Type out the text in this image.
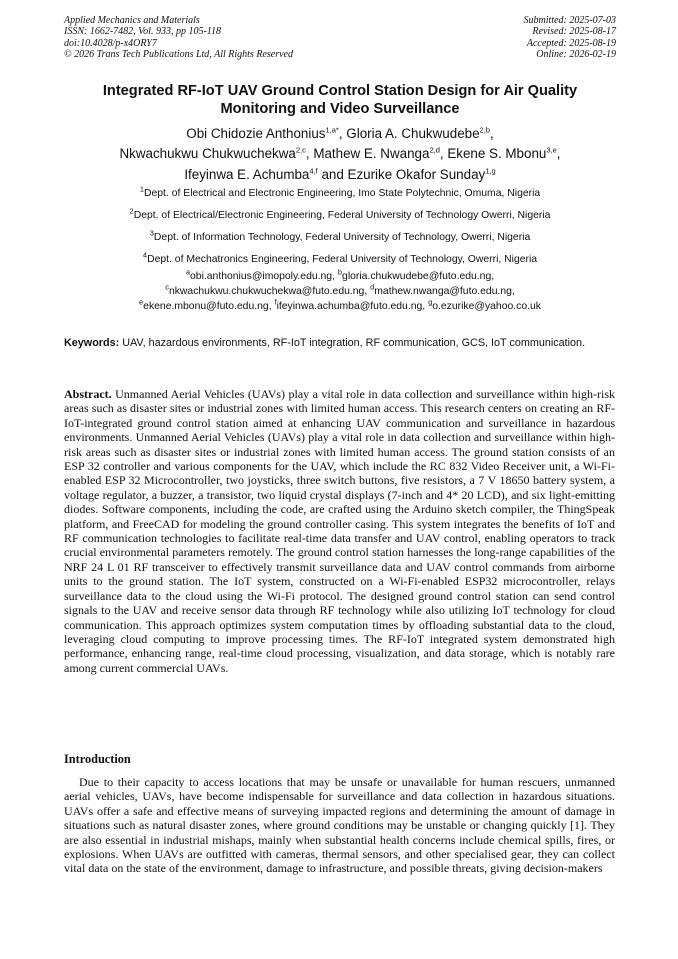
Applied Mechanics and Materials
ISSN: 1662-7482, Vol. 933, pp 105-118
doi:10.4028/p-x4ORY7
© 2026 Trans Tech Publications Ltd, All Rights Reserved
Submitted: 2025-07-03
Revised: 2025-08-17
Accepted: 2025-08-19
Online: 2026-02-19
Integrated RF-IoT UAV Ground Control Station Design for Air Quality Monitoring and Video Surveillance
Obi Chidozie Anthonius$^{1,a*}$, Gloria A. Chukwudebe$^{2,b}$,
Nkwachukwu Chukwuchekwa$^{2,c}$, Mathew E. Nwanga$^{2,d}$, Ekene S. Mbonu$^{3,e}$,
Ifeyinwa E. Achumba$^{4,f}$ and Ezurike Okafor Sunday$^{1,g}$
$^1$Dept. of Electrical and Electronic Engineering, Imo State Polytechnic, Omuma, Nigeria
$^2$Dept. of Electrical/Electronic Engineering, Federal University of Technology Owerri, Nigeria
$^3$Dept. of Information Technology, Federal University of Technology, Owerri, Nigeria
$^4$Dept. of Mechatronics Engineering, Federal University of Technology, Owerri, Nigeria
$^a$obi.anthonius@imopoly.edu.ng, $^b$gloria.chukwudebe@futo.edu.ng,
$^c$nkwachukwu.chukwuchekwa@futo.edu.ng, $^d$mathew.nwanga@futo.edu.ng,
$^e$ekene.mbonu@futo.edu.ng, $^f$ifeyinwa.achumba@futo.edu.ng, $^g$o.ezurike@yahoo.co.uk
Keywords: UAV, hazardous environments, RF-IoT integration, RF communication, GCS, IoT communication.
Abstract. Unmanned Aerial Vehicles (UAVs) play a vital role in data collection and surveillance within high-risk areas such as disaster sites or industrial zones with limited human access. This research centers on creating an RF-IoT-integrated ground control station aimed at enhancing UAV communication and surveillance in hazardous environments. Unmanned Aerial Vehicles (UAVs) play a vital role in data collection and surveillance within high-risk areas such as disaster sites or industrial zones with limited human access. The ground station consists of an ESP 32 controller and various components for the UAV, which include the RC 832 Video Receiver unit, a Wi-Fi-enabled ESP 32 Microcontroller, two joysticks, three switch buttons, five resistors, a 7 V 18650 battery system, a voltage regulator, a buzzer, a transistor, two liquid crystal displays (7-inch and 4* 20 LCD), and six light-emitting diodes. Software components, including the code, are crafted using the Arduino sketch compiler, the ThingSpeak platform, and FreeCAD for modeling the ground controller casing. This system integrates the benefits of IoT and RF communication technologies to facilitate real-time data transfer and UAV control, enabling operators to track crucial environmental parameters remotely. The ground control station harnesses the long-range capabilities of the NRF 24 L 01 RF transceiver to effectively transmit surveillance data and UAV control commands from airborne units to the ground station. The IoT system, constructed on a Wi-Fi-enabled ESP32 microcontroller, relays surveillance data to the cloud using the Wi-Fi protocol. The designed ground control station can send control signals to the UAV and receive sensor data through RF technology while also utilizing IoT technology for cloud communication. This approach optimizes system computation times by offloading substantial data to the cloud, leveraging cloud computing to improve processing times. The RF-IoT integrated system demonstrated high performance, enhancing range, real-time cloud processing, visualization, and data storage, which is notably rare among current commercial UAVs.
Introduction
Due to their capacity to access locations that may be unsafe or unavailable for human rescuers, unmanned aerial vehicles, UAVs, have become indispensable for surveillance and data collection in hazardous situations. UAVs offer a safe and effective means of surveying impacted regions and determining the amount of damage in situations such as natural disaster zones, where ground conditions may be unstable or changing quickly [1]. They are also essential in industrial mishaps, mainly when substantial health concerns include chemical spills, fires, or explosions. When UAVs are outfitted with cameras, thermal sensors, and other specialised gear, they can collect vital data on the state of the environment, damage to infrastructure, and possible threats, giving decision-makers
